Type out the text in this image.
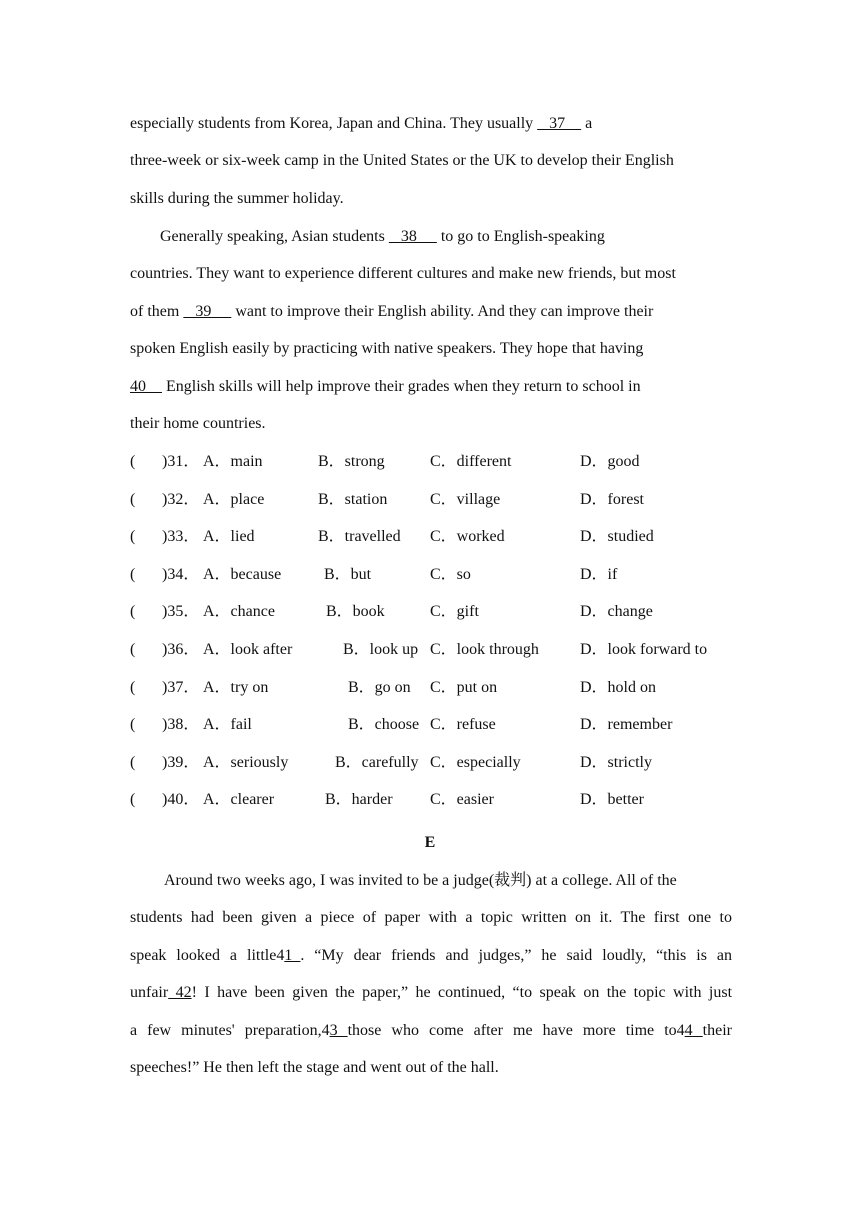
especially students from Korea, Japan and China. They usually    37     a
three-week or six-week camp in the United States or the UK to develop their English
skills during the summer holiday.
Generally speaking, Asian students    38      to go to English-speaking
countries. They want to experience different cultures and make new friends, but most
of them    39      want to improve their English ability. And they can improve their
spoken English easily by practicing with native speakers. They hope that having
40     English skills will help improve their grades when they return to school in
their home countries.
( )31． A．main	B．strong	C．different	D．good
( )32． A．place	B．station	C．village	D．forest
( )33． A．lied	B．travelled C．worked	D．studied
( )34． A．because	B．but	C．so	D．if
( )35． A．chance	B．book	C．gift	D．change
( )36． A．look after	B．look up C．look through	D．look forward to
( )37． A．try on	B．go on C．put on	D．hold on
( )38． A．fail	B．choose C．refuse	D．remember
( )39． A．seriously	B．carefully C．especially	D．strictly
( )40． A．clearer	B．harder C．easier	D．better
E
Around two weeks ago, I was invited to be a judge(裁判) at a college. All of the
students had been given a piece of paper with a topic written on it. The first one to
speak looked a little41_. “My dear friends and judges,” he said loudly, “this is an
unfair 42! I have been given the paper,” he continued, “to speak on the topic with just
a few minutes' preparation,43 those who come after me have more time to44 their
speeches!” He then left the stage and went out of the hall.
